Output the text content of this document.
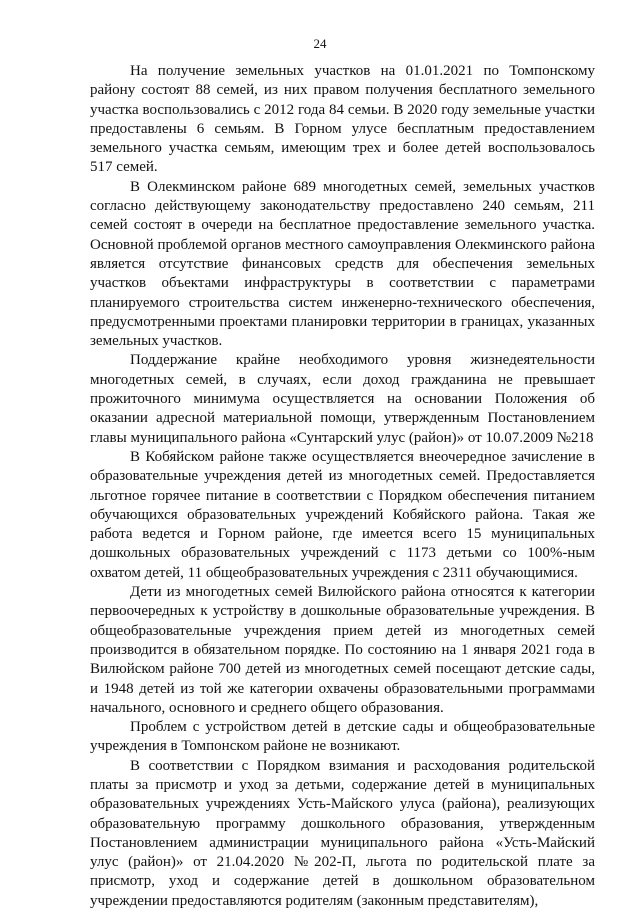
24

На получение земельных участков на 01.01.2021 по Томпонскому району состоят 88 семей, из них правом получения бесплатного земельного участка воспользовались с 2012 года 84 семьи. В 2020 году земельные участки предоставлены 6 семьям. В Горном улусе бесплатным предоставлением земельного участка семьям, имеющим трех и более детей воспользовалось 517 семей.

В Олекминском районе 689 многодетных семей, земельных участков согласно действующему законодательству предоставлено 240 семьям, 211 семей состоят в очереди на бесплатное предоставление земельного участка. Основной проблемой органов местного самоуправления Олекминского района является отсутствие финансовых средств для обеспечения земельных участков объектами инфраструктуры в соответствии с параметрами планируемого строительства систем инженерно-технического обеспечения, предусмотренными проектами планировки территории в границах, указанных земельных участков.

Поддержание крайне необходимого уровня жизнедеятельности многодетных семей, в случаях, если доход гражданина не превышает прожиточного минимума осуществляется на основании Положения об оказании адресной материальной помощи, утвержденным Постановлением главы муниципального района «Сунтарский улус (район)» от 10.07.2009 №218

В Кобяйском районе также осуществляется внеочередное зачисление в образовательные учреждения детей из многодетных семей. Предоставляется льготное горячее питание в соответствии с Порядком обеспечения питанием обучающихся образовательных учреждений Кобяйского района. Такая же работа ведется и Горном районе, где имеется всего 15 муниципальных дошкольных образовательных учреждений с 1173 детьми со 100%-ным охватом детей, 11 общеобразовательных учреждения с 2311 обучающимися.

Дети из многодетных семей Вилюйского района относятся к категории первоочередных к устройству в дошкольные образовательные учреждения. В общеобразовательные учреждения прием детей из многодетных семей производится в обязательном порядке. По состоянию на 1 января 2021 года в Вилюйском районе 700 детей из многодетных семей посещают детские сады, и 1948 детей из той же категории охвачены образовательными программами начального, основного и среднего общего образования.

Проблем с устройством детей в детские сады и общеобразовательные учреждения в Томпонском районе не возникают.

В соответствии с Порядком взимания и расходования родительской платы за присмотр и уход за детьми, содержание детей в муниципальных образовательных учреждениях Усть-Майского улуса (района), реализующих образовательную программу дошкольного образования, утвержденным Постановлением администрации муниципального района «Усть-Майский улус (район)» от 21.04.2020 №202-П, льгота по родительской плате за присмотр, уход и содержание детей в дошкольном образовательном учреждении предоставляются родителям (законным представителям),
